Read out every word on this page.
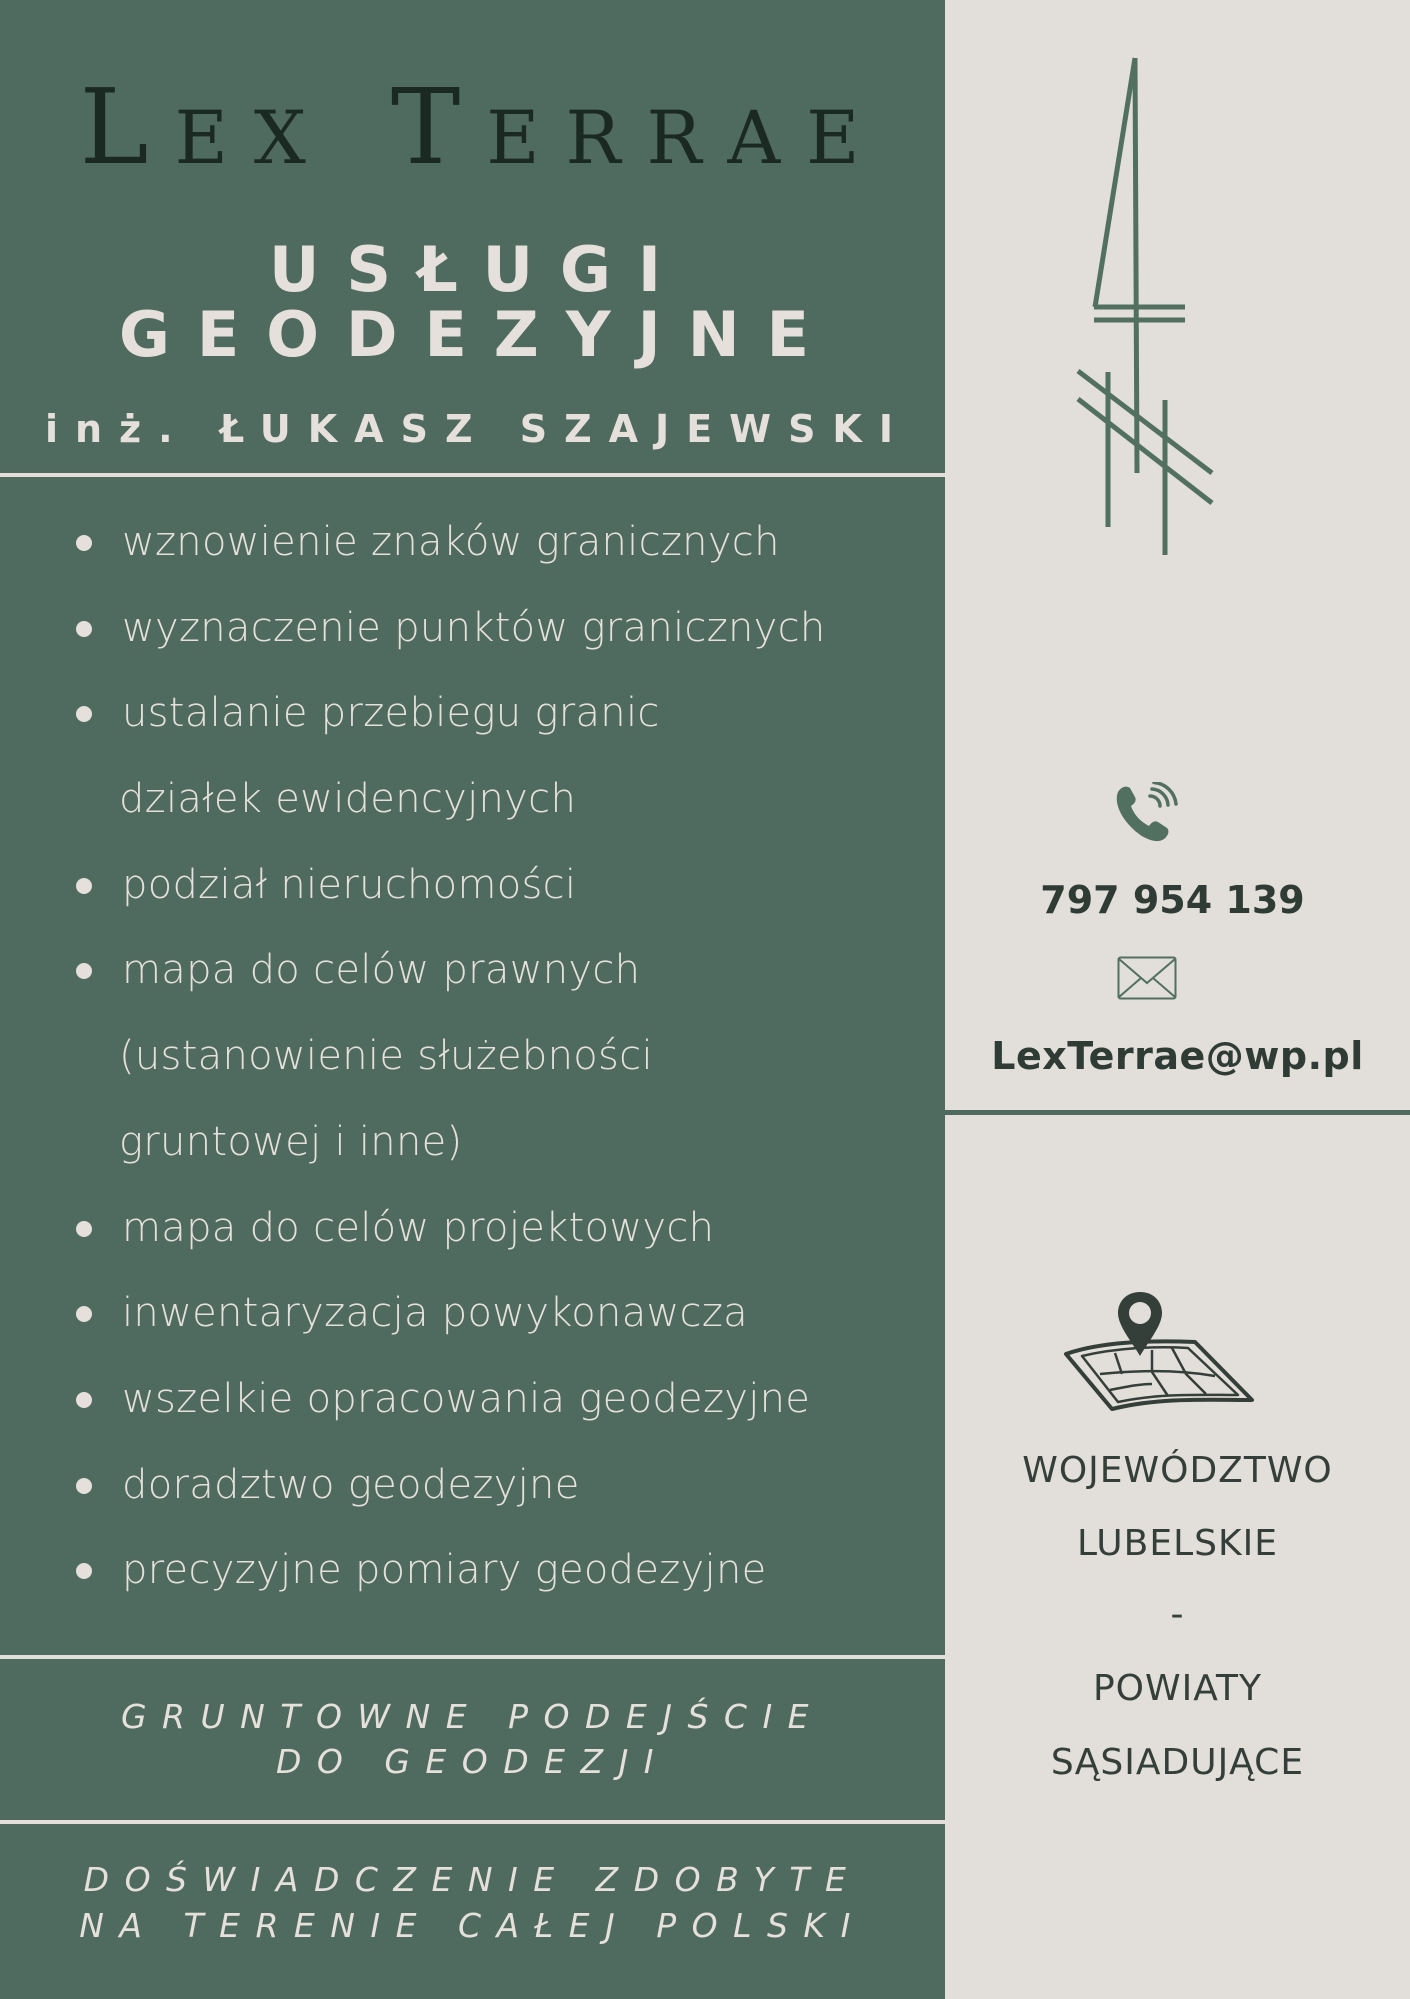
Lex Terrae
USŁUGI
GEODEZYJNE
inż. ŁUKASZ SZAJEWSKI
wznowienie znaków granicznych
wyznaczenie punktów granicznych
ustalanie przebiegu granic
działek ewidencyjnych
podział nieruchomości
mapa do celów prawnych
(ustanowienie służebności
gruntowej i inne)
mapa do celów projektowych
inwentaryzacja powykonawcza
wszelkie opracowania geodezyjne
doradztwo geodezyjne
precyzyjne pomiary geodezyjne
GRUNTOWNE PODEJŚCIE
DO GEODEZJI
DOŚWIADCZENIE ZDOBYTE
NA TERENIE CAŁEJ POLSKI
797 954 139
LexTerrae@wp.pl
WOJEWÓDZTWO
LUBELSKIE
-
POWIATY
SĄSIADUJĄCE
